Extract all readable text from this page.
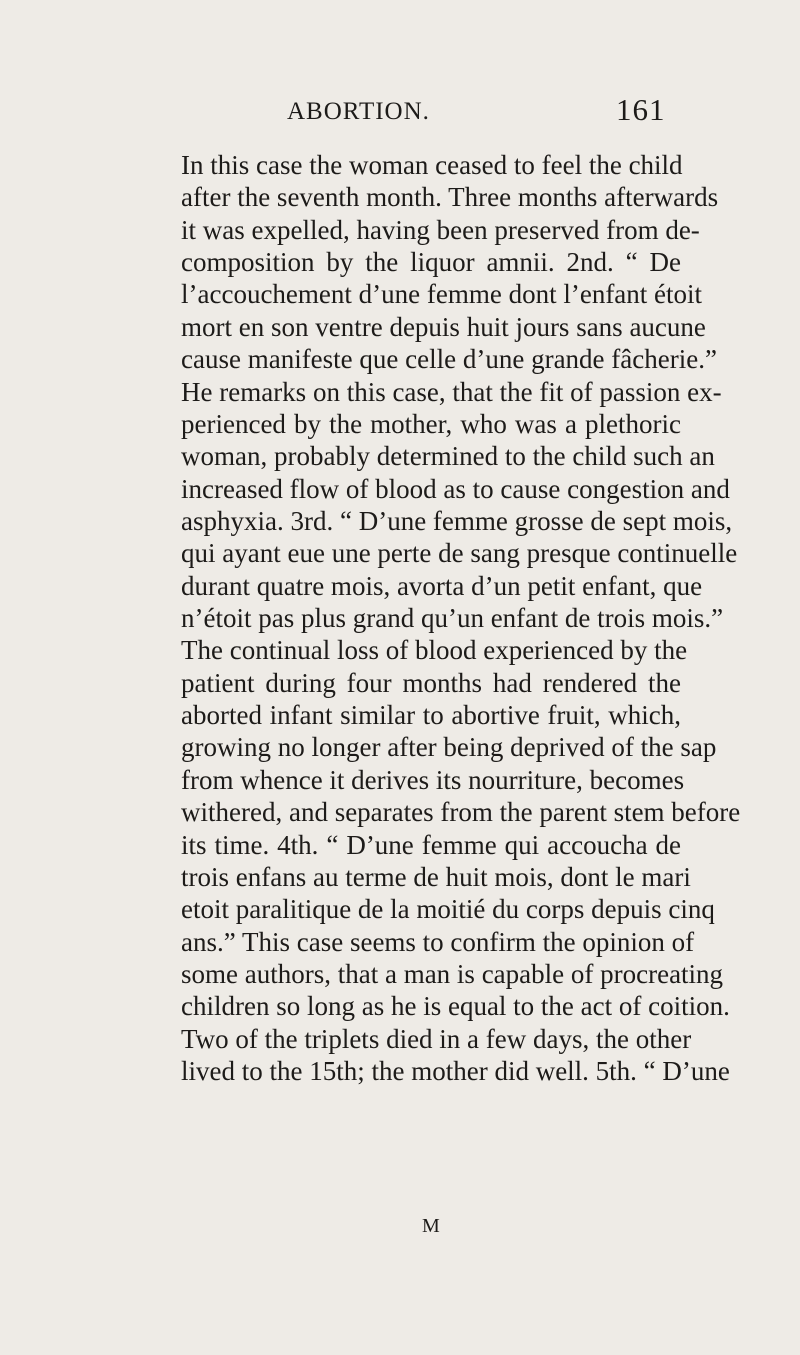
ABORTION.	161
In this case the woman ceased to feel the child
after the seventh month. Three months afterwards
it was expelled, having been preserved from de-
composition by the liquor amnii. 2nd. “ De
l’accouchement d’une femme dont l’enfant étoit
mort en son ventre depuis huit jours sans aucune
cause manifeste que celle d’une grande fâcherie.”
He remarks on this case, that the fit of passion ex-
perienced by the mother, who was a plethoric
woman, probably determined to the child such an
increased flow of blood as to cause congestion and
asphyxia. 3rd. “ D’une femme grosse de sept mois,
qui ayant eue une perte de sang presque continuelle
durant quatre mois, avorta d’un petit enfant, que
n’étoit pas plus grand qu’un enfant de trois mois.”
The continual loss of blood experienced by the
patient during four months had rendered the
aborted infant similar to abortive fruit, which,
growing no longer after being deprived of the sap
from whence it derives its nourriture, becomes
withered, and separates from the parent stem before
its time. 4th. “ D’une femme qui accoucha de
trois enfans au terme de huit mois, dont le mari
etoit paralitique de la moitié du corps depuis cinq
ans.” This case seems to confirm the opinion of
some authors, that a man is capable of procreating
children so long as he is equal to the act of coition.
Two of the triplets died in a few days, the other
lived to the 15th; the mother did well. 5th. “ D’une
M
